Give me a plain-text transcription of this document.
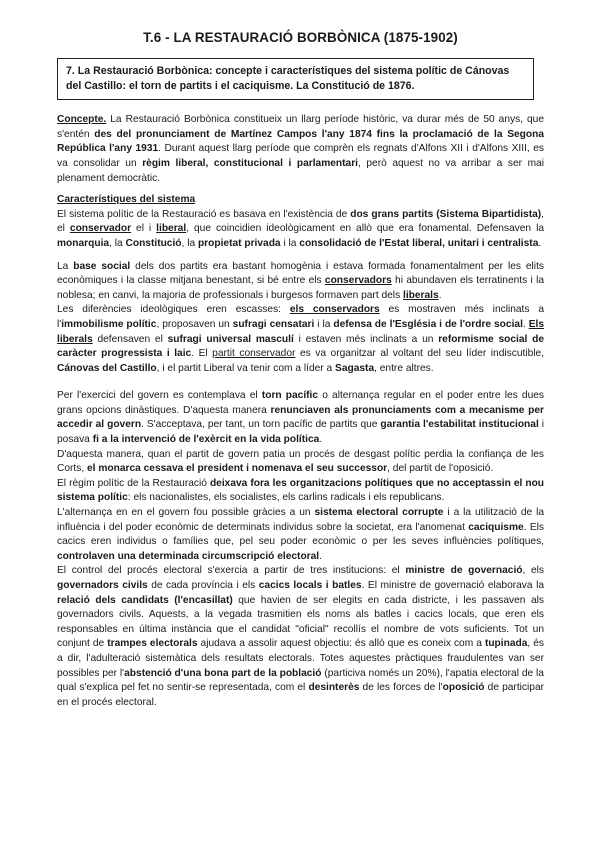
T.6 - LA RESTAURACIÓ BORBÒNICA (1875-1902)
7. La Restauració Borbònica: concepte i característiques del sistema polític de Cánovas del Castillo: el torn de partits i el caciquisme. La Constitució de 1876.

Concepte. La Restauració Borbònica constitueix un llarg període històric, va durar més de 50 anys, que s'entén des del pronunciament de Martínez Campos l'any 1874 fins la proclamació de la Segona República l'any 1931. Durant aquest llarg període que comprèn els regnats d'Alfons XII i d'Alfons XIII, es va consolidar un règim liberal, constitucional i parlamentari, però aquest no va arribar a ser mai plenament democràtic.

Característiques del sistema

El sistema polític de la Restauració es basava en l'existència de dos grans partits (Sistema Bipartidista), el conservador el i liberal, que coincidien ideològicament en allò que era fonamental. Defensaven la monarquia, la Constitució, la propietat privada i la consolidació de l'Estat liberal, unitari i centralista.

La base social dels dos partits era bastant homogènia i estava formada fonamentalment per les elits econòmiques i la classe mitjana benestant, si bé entre els conservadors hi abundaven els terratinents i la noblesa; en canvi, la majoria de professionals i burgesos formaven part dels liberals.

Les diferències ideològiques eren escasses: els conservadors es mostraven més inclinats a l'immobilisme polític, proposaven un sufragi censatari i la defensa de l'Església i de l'ordre social. Els liberals defensaven el sufragi universal masculí i estaven més inclinats a un reformisme social de caràcter progressista i laic. El partit conservador es va organitzar al voltant del seu líder indiscutible, Cánovas del Castillo, i el partit Liberal va tenir com a líder a Sagasta, entre altres.

Per l'exercici del govern es contemplava el torn pacífic o alternança regular en el poder entre les dues grans opcions dinàstiques. D'aquesta manera renunciaven als pronunciaments com a mecanisme per accedir al govern. S'acceptava, per tant, un torn pacífic de partits que garantia l'estabilitat institucional i posava fi a la intervenció de l'exèrcit en la vida política.

D'aquesta manera, quan el partit de govern patia un procés de desgast polític perdia la confiança de les Corts, el monarca cessava el president i nomenava el seu successor, del partit de l'oposició.

El règim polític de la Restauració deixava fora les organitzacions polítiques que no acceptassin el nou sistema polític: els nacionalistes, els socialistes, els carlins radicals i els republicans.

L'alternança en en el govern fou possible gràcies a un sistema electoral corrupte i a la utilització de la influència i del poder econòmic de determinats individus sobre la societat, era l'anomenat caciquisme. Els cacics eren individus o famílies que, pel seu poder econòmic o per les seves influències polítiques, controlaven una determinada circumscripció electoral.

El control del procés electoral s'exercia a partir de tres institucions: el ministre de governació, els governadors civils de cada província i els cacics locals i batles. El ministre de governació elaborava la relació dels candidats (l'encasillat) que havien de ser elegits en cada districte, i les passaven als governadors civils. Aquests, a la vegada trasmitien els noms als batles i cacics locals, que eren els responsables en última instància que el candidat "oficial" recollís el nombre de vots suficients. Tot un conjunt de trampes electorals ajudava a assolir aquest objectiu: és allò que es coneix com a tupinada, és a dir, l'adulteració sistemàtica dels resultats electorals. Totes aquestes pràctiques fraudulentes van ser possibles per l'abstenció d'una bona part de la població (particiva només un 20%), l'apatia electoral de la qual s'explica pel fet no sentir-se representada, com el desinterès de les forces de l'oposició de participar en el procés electoral.
